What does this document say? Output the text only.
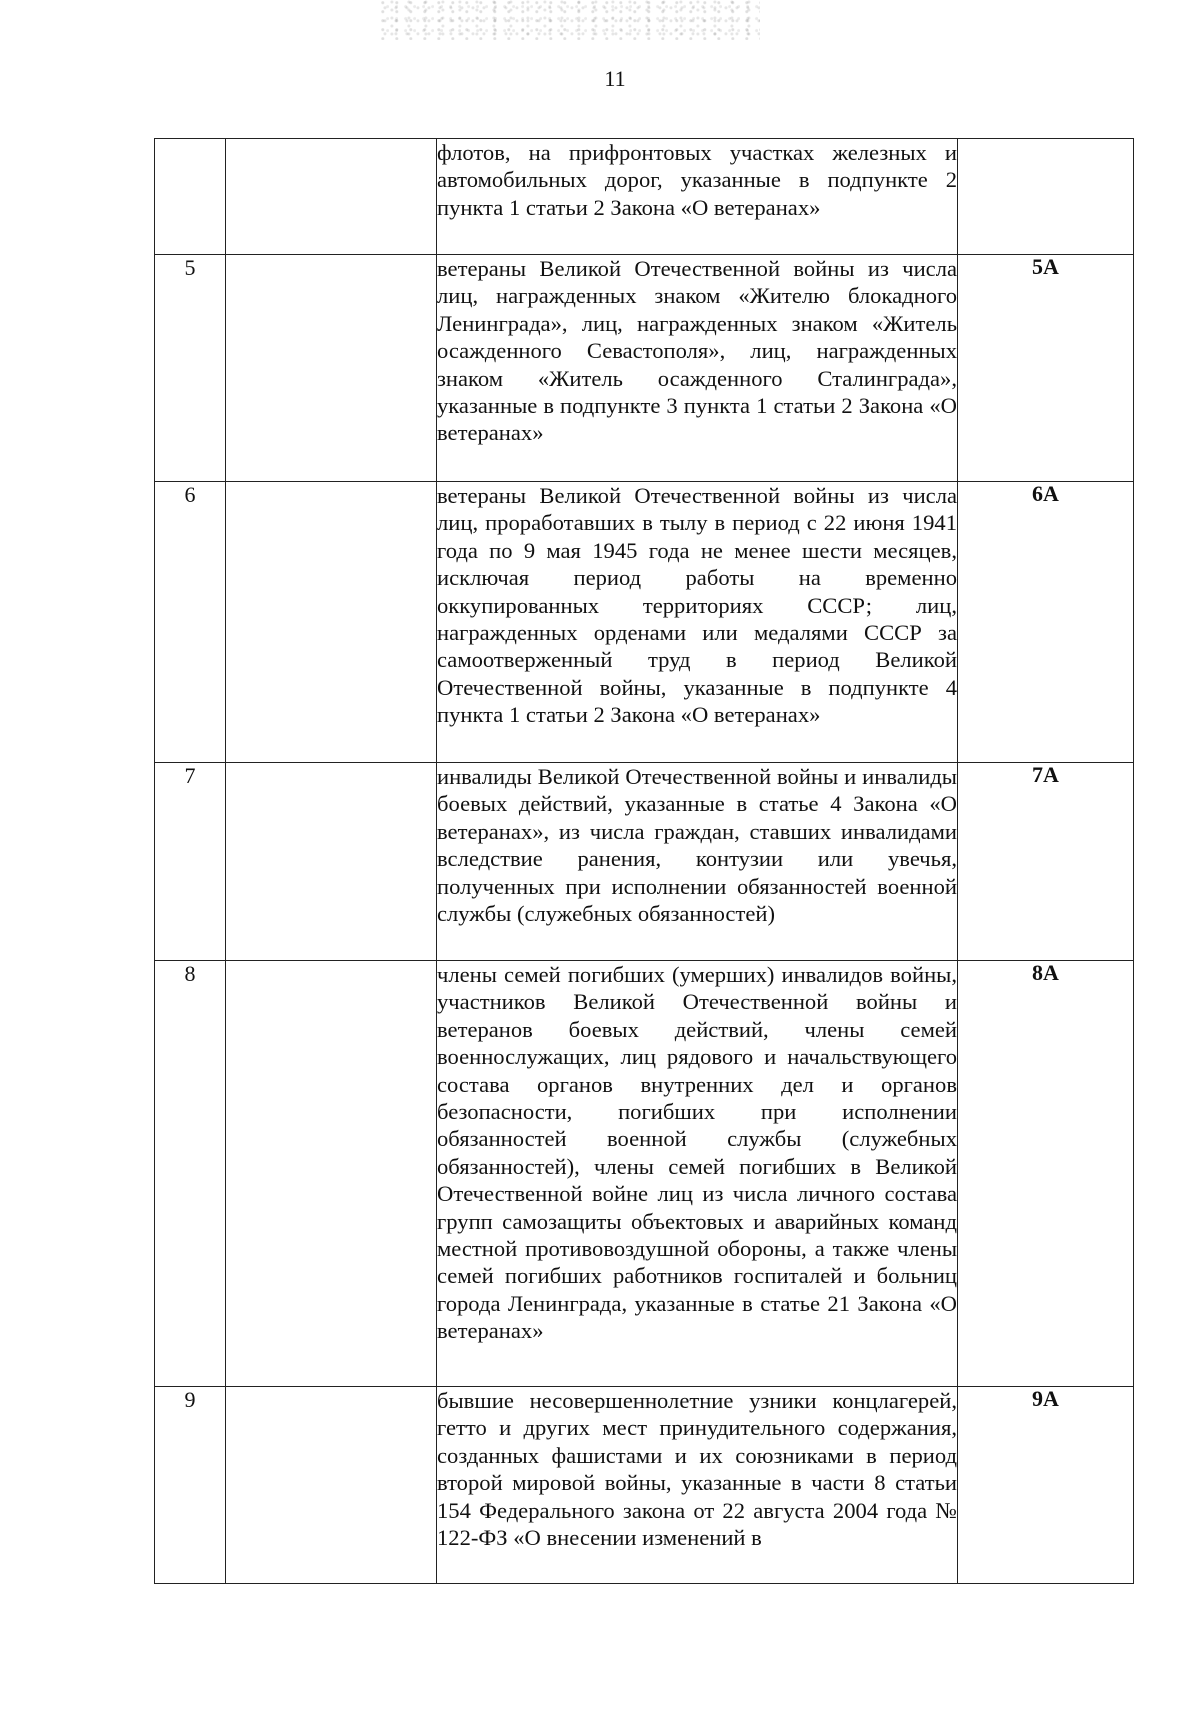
11
		флотов, на прифронтовых участках железных и автомобильных дорог, указанные в подпункте 2 пункта 1 статьи 2 Закона «О ветеранах»	
5		ветераны Великой Отечественной войны из числа лиц, награжденных знаком «Жителю блокадного Ленинграда», лиц, награжденных знаком «Житель осажденного Севастополя», лиц, награжденных знаком «Житель осажденного Сталинграда», указанные в подпункте 3 пункта 1 статьи 2 Закона «О ветеранах»	5А
6		ветераны Великой Отечественной войны из числа лиц, проработавших в тылу в период с 22 июня 1941 года по 9 мая 1945 года не менее шести месяцев, исключая период работы на временно оккупированных территориях СССР; лиц, награжденных орденами или медалями СССР за самоотверженный труд в период Великой Отечественной войны, указанные в подпункте 4 пункта 1 статьи 2 Закона «О ветеранах»	6А
7		инвалиды Великой Отечественной войны и инвалиды боевых действий, указанные в статье 4 Закона «О ветеранах», из числа граждан, ставших инвалидами вследствие ранения, контузии или увечья, полученных при исполнении обязанностей военной службы (служебных обязанностей)	7А
8		члены семей погибших (умерших) инвалидов войны, участников Великой Отечественной войны и ветеранов боевых действий, члены семей военнослужащих, лиц рядового и начальствующего состава органов внутренних дел и органов безопасности, погибших при исполнении обязанностей военной службы (служебных обязанностей), члены семей погибших в Великой Отечественной войне лиц из числа личного состава групп самозащиты объектовых и аварийных команд местной противовоздушной обороны, а также члены семей погибших работников госпиталей и больниц города Ленинграда, указанные в статье 21 Закона «О ветеранах»	8А
9		бывшие несовершеннолетние узники концлагерей, гетто и других мест принудительного содержания, созданных фашистами и их союзниками в период второй мировой войны, указанные в части 8 статьи 154 Федерального закона от 22 августа 2004 года № 122-ФЗ «О внесении изменений в	9А
